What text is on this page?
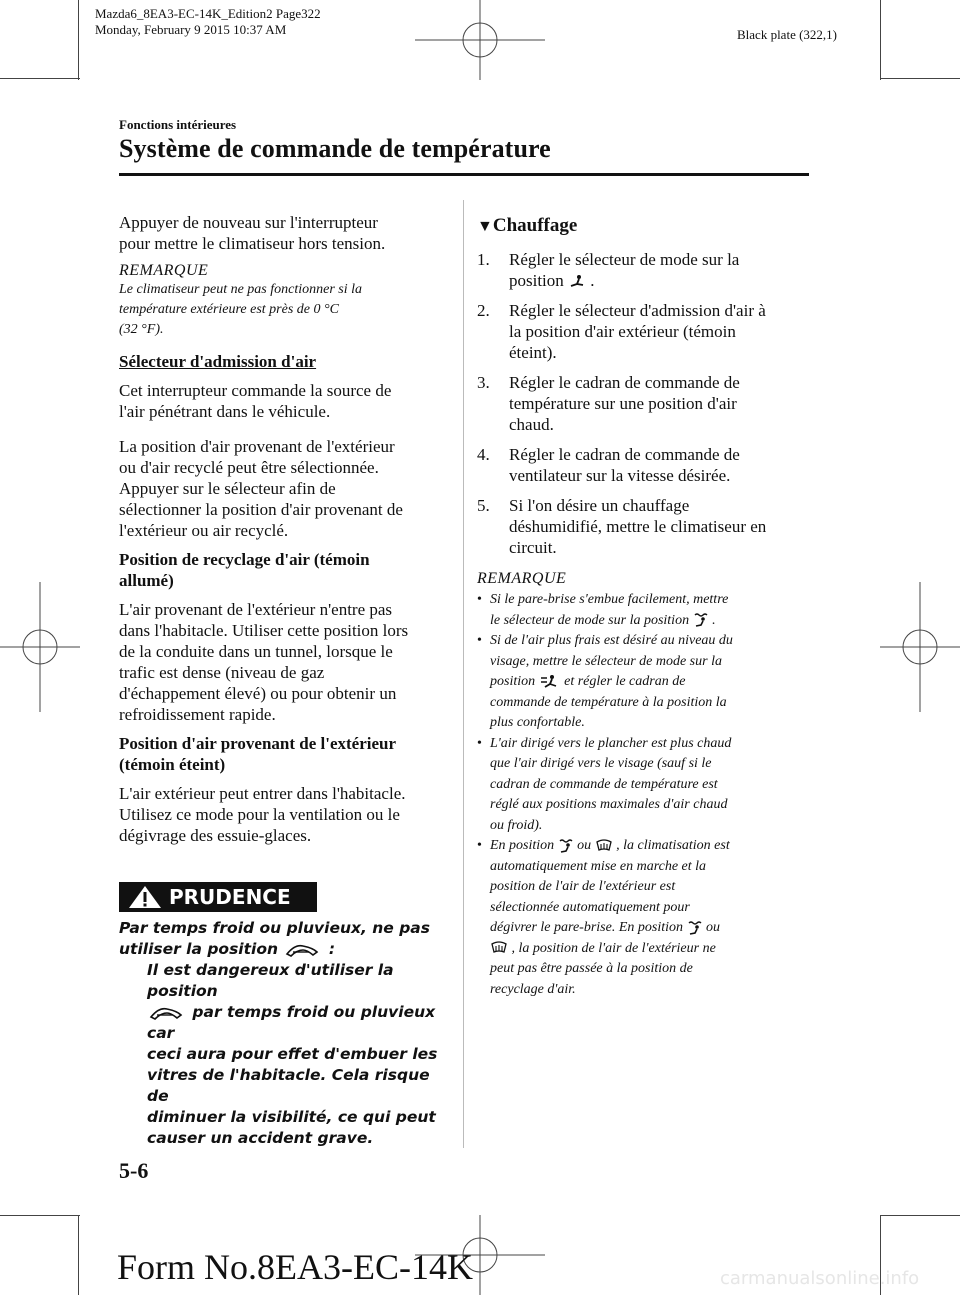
Mazda6_8EA3-EC-14K_Edition2 Page322
Monday, February 9 2015 10:37 AM	Black plate (322,1)
Fonctions intérieures
Système de commande de température

Appuyer de nouveau sur l'interrupteur
pour mettre le climatiseur hors tension.

REMARQUE
Le climatiseur peut ne pas fonctionner si la
température extérieure est près de 0 °C
(32 °F).
Sélecteur d'admission d'air

Cet interrupteur commande la source de
l'air pénétrant dans le véhicule.

La position d'air provenant de l'extérieur
ou d'air recyclé peut être sélectionnée.
Appuyer sur le sélecteur afin de
sélectionner la position d'air provenant de
l'extérieur ou air recyclé.

Position de recyclage d'air (témoin
allumé)

L'air provenant de l'extérieur n'entre pas
dans l'habitacle. Utiliser cette position lors
de la conduite dans un tunnel, lorsque le
trafic est dense (niveau de gaz
d'échappement élevé) ou pour obtenir un
refroidissement rapide.

Position d'air provenant de l'extérieur
(témoin éteint)

L'air extérieur peut entrer dans l'habitacle.
Utilisez ce mode pour la ventilation ou le
dégivrage des essuie-glaces.

PRUDENCE
Par temps froid ou pluvieux, ne pas
utiliser la position	:
Il est dangereux d'utiliser la position
par temps froid ou pluvieux car
ceci aura pour effet d'embuer les
vitres de l'habitacle. Cela risque de
diminuer la visibilité, ce qui peut
causer un accident grave.
▼Chauffage
1.	Régler le sélecteur de mode sur la
position .
2.	Régler le sélecteur d'admission d'air à
la position d'air extérieur (témoin
éteint).
3.	Régler le cadran de commande de
température sur une position d'air
chaud.
4.	Régler le cadran de commande de
ventilateur sur la vitesse désirée.
5.	Si l'on désire un chauffage
déshumidifié, mettre le climatiseur en
circuit.
REMARQUE
• Si le pare-brise s'embue facilement, mettre
le sélecteur de mode sur la position .
• Si de l'air plus frais est désiré au niveau du
visage, mettre le sélecteur de mode sur la
position et régler le cadran de
commande de température à la position la
plus confortable.
• L'air dirigé vers le plancher est plus chaud
que l'air dirigé vers le visage (sauf si le
cadran de commande de température est
réglé aux positions maximales d'air chaud
ou froid).
• En position ou , la climatisation est
automatiquement mise en marche et la
position de l'air de l'extérieur est
sélectionnée automatiquement pour
dégivrer le pare-brise. En position ou
, la position de l'air de l'extérieur ne
peut pas être passée à la position de
recyclage d'air.
5-6
Form No.8EA3-EC-14K	carmanualsonline.info
